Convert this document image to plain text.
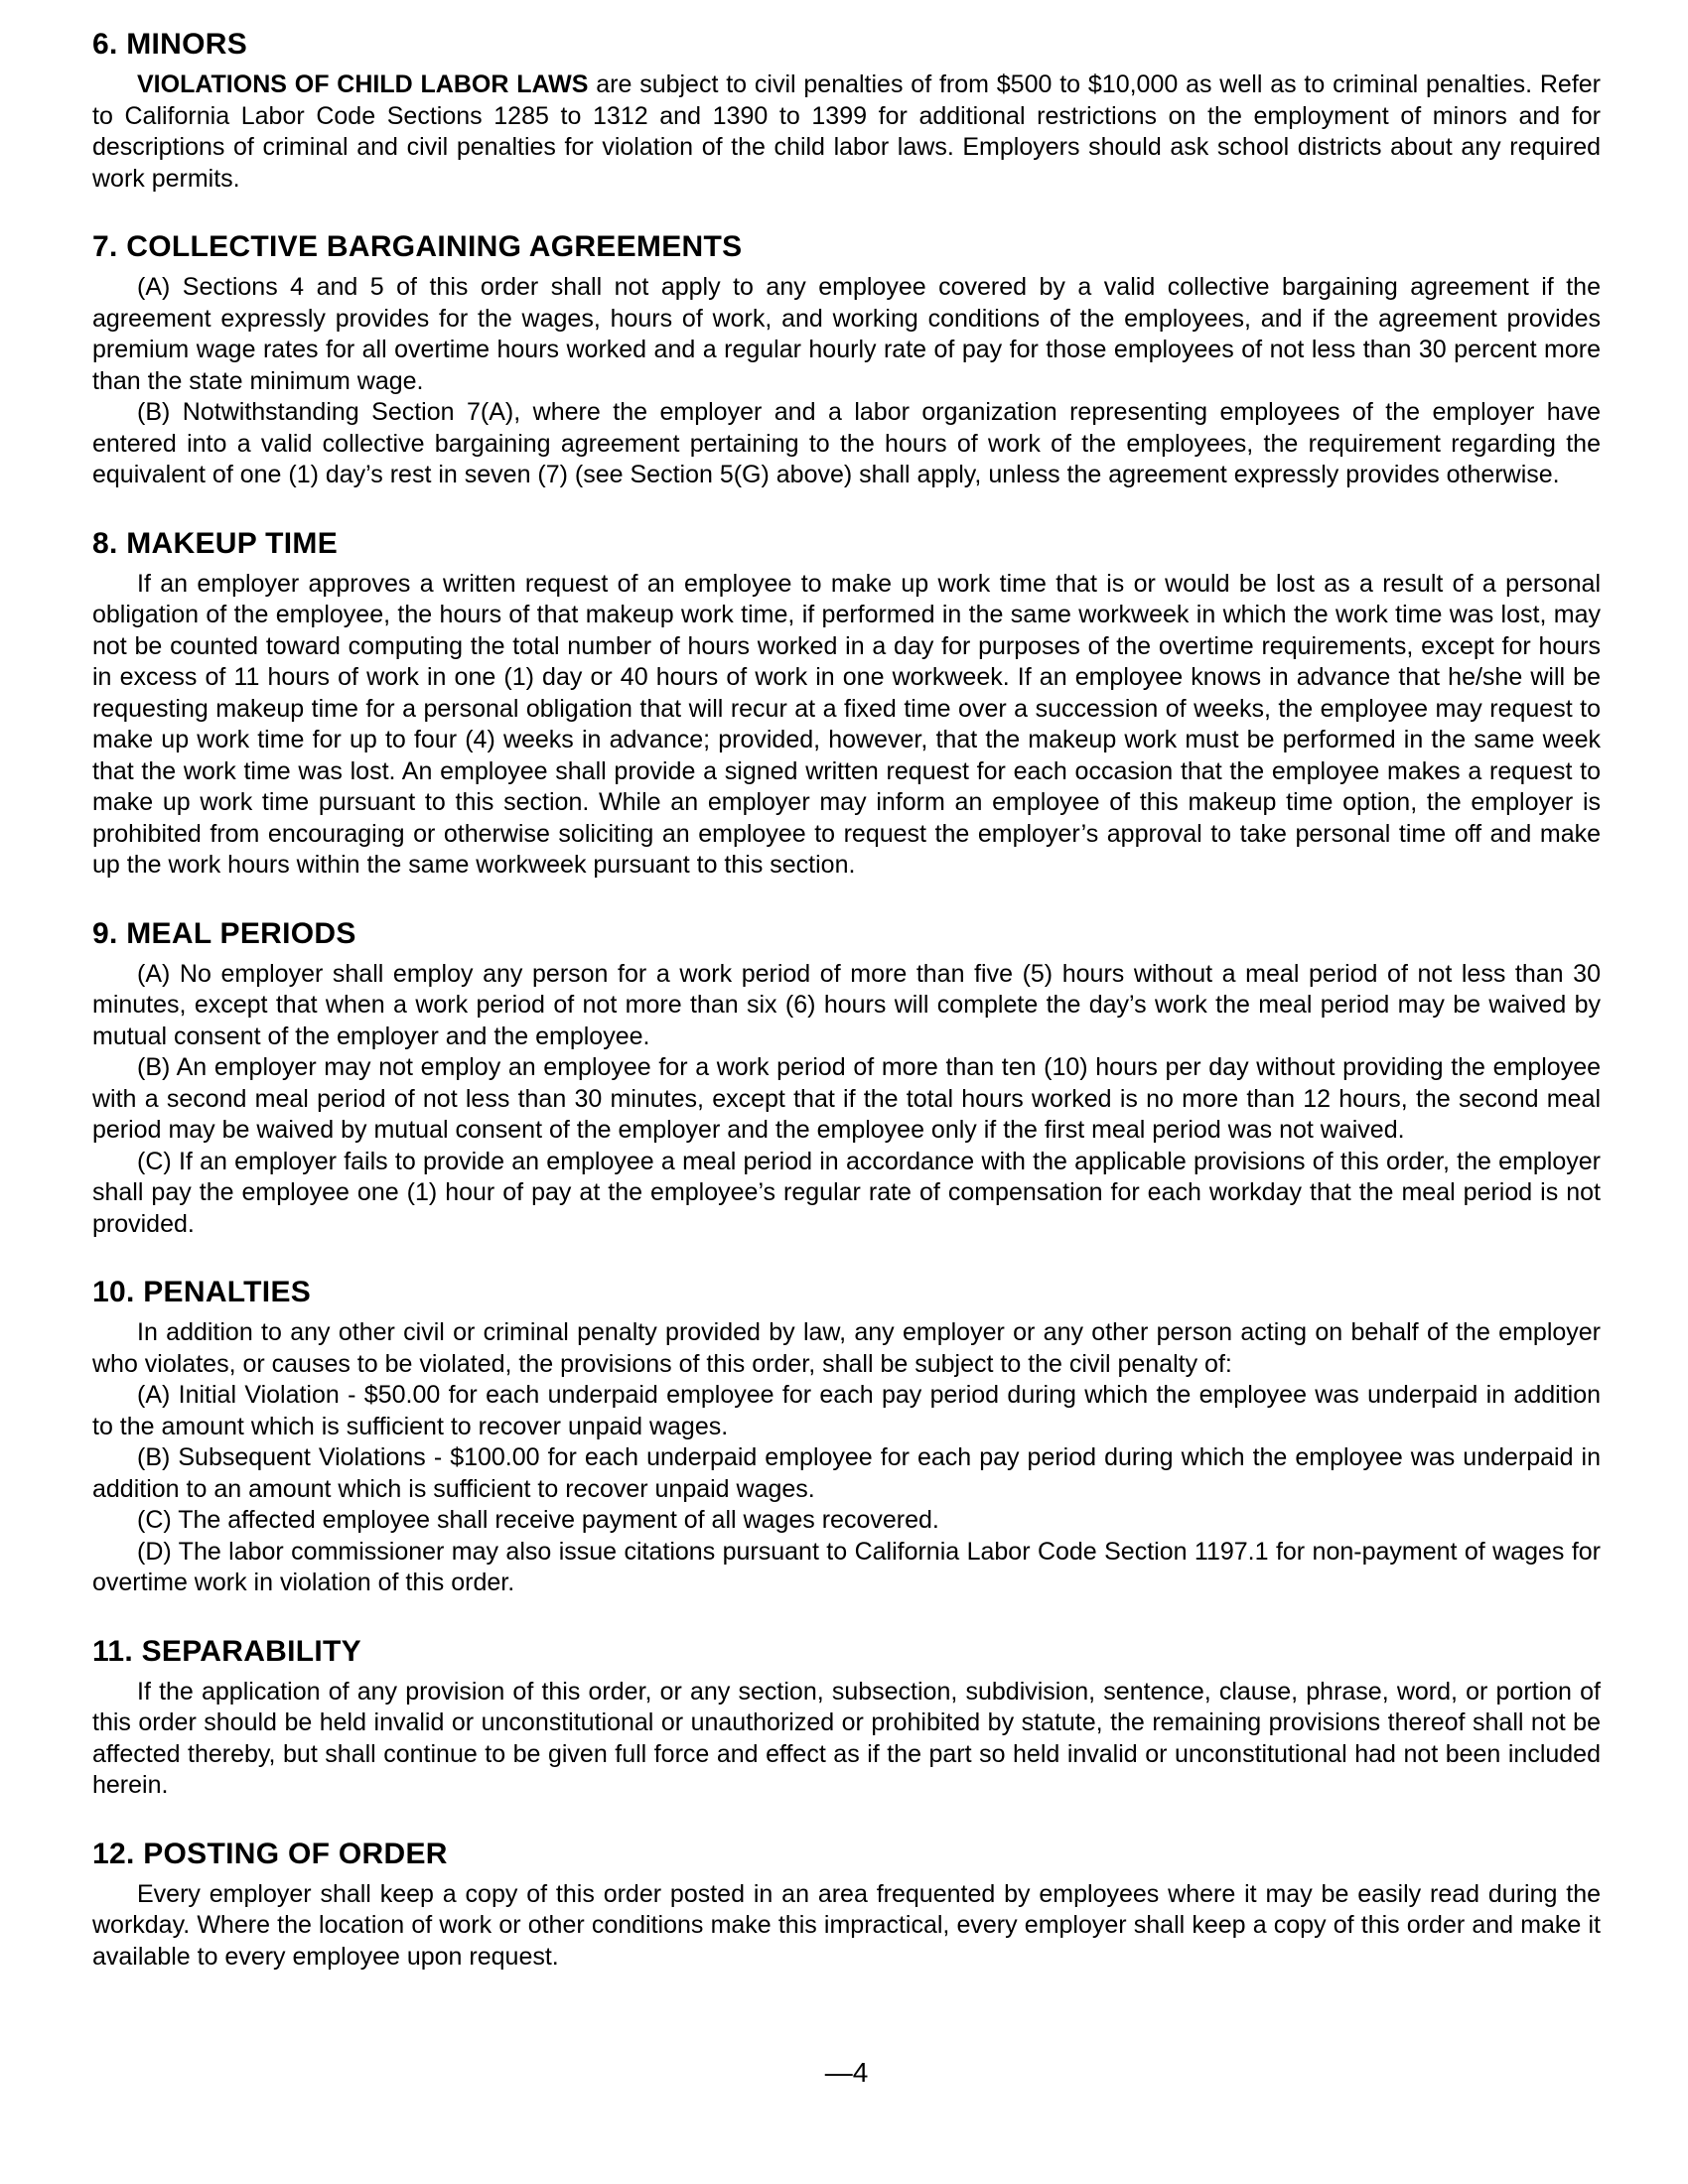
6. MINORS

VIOLATIONS OF CHILD LABOR LAWS are subject to civil penalties of from $500 to $10,000 as well as to criminal penalties. Refer to California Labor Code Sections 1285 to 1312 and 1390 to 1399 for additional restrictions on the employment of minors and for descriptions of criminal and civil penalties for violation of the child labor laws. Employers should ask school districts about any required work permits.

7. COLLECTIVE BARGAINING AGREEMENTS

(A) Sections 4 and 5 of this order shall not apply to any employee covered by a valid collective bargaining agreement if the agreement expressly provides for the wages, hours of work, and working conditions of the employees, and if the agreement provides premium wage rates for all overtime hours worked and a regular hourly rate of pay for those employees of not less than 30 percent more than the state minimum wage.

(B) Notwithstanding Section 7(A), where the employer and a labor organization representing employees of the employer have entered into a valid collective bargaining agreement pertaining to the hours of work of the employees, the requirement regarding the equivalent of one (1) day’s rest in seven (7) (see Section 5(G) above) shall apply, unless the agreement expressly provides otherwise.

8. MAKEUP TIME

If an employer approves a written request of an employee to make up work time that is or would be lost as a result of a personal obligation of the employee, the hours of that makeup work time, if performed in the same workweek in which the work time was lost, may not be counted toward computing the total number of hours worked in a day for purposes of the overtime requirements, except for hours in excess of 11 hours of work in one (1) day or 40 hours of work in one workweek. If an employee knows in advance that he/she will be requesting makeup time for a personal obligation that will recur at a fixed time over a succession of weeks, the employee may request to make up work time for up to four (4) weeks in advance; provided, however, that the makeup work must be performed in the same week that the work time was lost. An employee shall provide a signed written request for each occasion that the employee makes a request to make up work time pursuant to this section. While an employer may inform an employee of this makeup time option, the employer is prohibited from encouraging or otherwise soliciting an employee to request the employer’s approval to take personal time off and make up the work hours within the same workweek pursuant to this section.

9. MEAL PERIODS

(A) No employer shall employ any person for a work period of more than five (5) hours without a meal period of not less than 30 minutes, except that when a work period of not more than six (6) hours will complete the day’s work the meal period may be waived by mutual consent of the employer and the employee.

(B) An employer may not employ an employee for a work period of more than ten (10) hours per day without providing the employee with a second meal period of not less than 30 minutes, except that if the total hours worked is no more than 12 hours, the second meal period may be waived by mutual consent of the employer and the employee only if the first meal period was not waived.

(C) If an employer fails to provide an employee a meal period in accordance with the applicable provisions of this order, the employer shall pay the employee one (1) hour of pay at the employee’s regular rate of compensation for each workday that the meal period is not provided.

10. PENALTIES

In addition to any other civil or criminal penalty provided by law, any employer or any other person acting on behalf of the employer who violates, or causes to be violated, the provisions of this order, shall be subject to the civil penalty of:

(A) Initial Violation - $50.00 for each underpaid employee for each pay period during which the employee was underpaid in addition to the amount which is sufficient to recover unpaid wages.

(B) Subsequent Violations - $100.00 for each underpaid employee for each pay period during which the employee was underpaid in addition to an amount which is sufficient to recover unpaid wages.

(C) The affected employee shall receive payment of all wages recovered.

(D) The labor commissioner may also issue citations pursuant to California Labor Code Section 1197.1 for non-payment of wages for overtime work in violation of this order.

11. SEPARABILITY

If the application of any provision of this order, or any section, subsection, subdivision, sentence, clause, phrase, word, or portion of this order should be held invalid or unconstitutional or unauthorized or prohibited by statute, the remaining provisions thereof shall not be affected thereby, but shall continue to be given full force and effect as if the part so held invalid or unconstitutional had not been included herein.

12. POSTING OF ORDER

Every employer shall keep a copy of this order posted in an area frequented by employees where it may be easily read during the workday. Where the location of work or other conditions make this impractical, every employer shall keep a copy of this order and make it available to every employee upon request.

—4
